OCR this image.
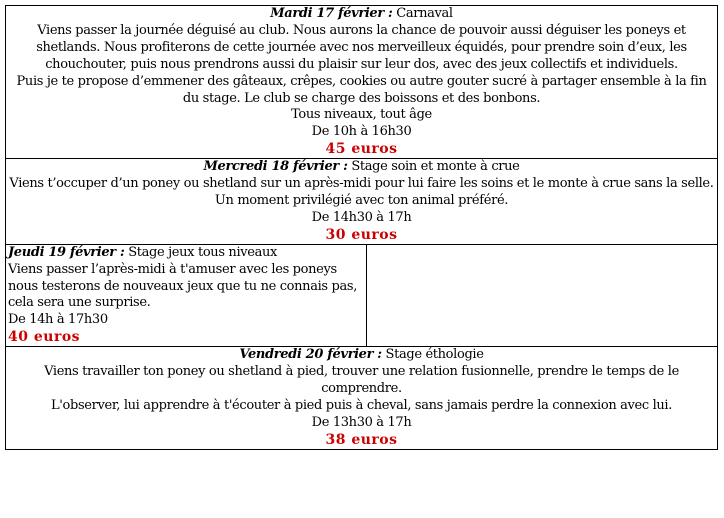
Mardi 17 février : Carnaval

Viens passer la journée déguisé au club. Nous aurons la chance de pouvoir aussi déguiser les poneys et shetlands. Nous profiterons de cette journée avec nos merveilleux équidés, pour prendre soin d’eux, les chouchouter, puis nous prendrons aussi du plaisir sur leur dos, avec des jeux collectifs et individuels.

Puis je te propose d’emmener des gâteaux, crêpes, cookies ou autre gouter sucré à partager ensemble à la fin du stage. Le club se charge des boissons et des bonbons.

Tous niveaux, tout âge

De 10h à 16h30

45 euros

Mercredi 18 février : Stage soin et monte à crue

Viens t’occuper d’un poney ou shetland sur un après-midi pour lui faire les soins et le monte à crue sans la selle.

Un moment privilégié avec ton animal préféré.

De 14h30 à 17h

30 euros

Jeudi 19 février : Stage jeux tous niveaux

Viens passer l’après-midi à t'amuser avec les poneys nous testerons de nouveaux jeux que tu ne connais pas, cela sera une surprise.

De 14h à 17h30

40 euros

Vendredi 20 février : Stage éthologie

Viens travailler ton poney ou shetland à pied, trouver une relation fusionnelle, prendre le temps de le comprendre.

L'observer, lui apprendre à t'écouter à pied puis à cheval, sans jamais perdre la connexion avec lui.

De 13h30 à 17h

38 euros
